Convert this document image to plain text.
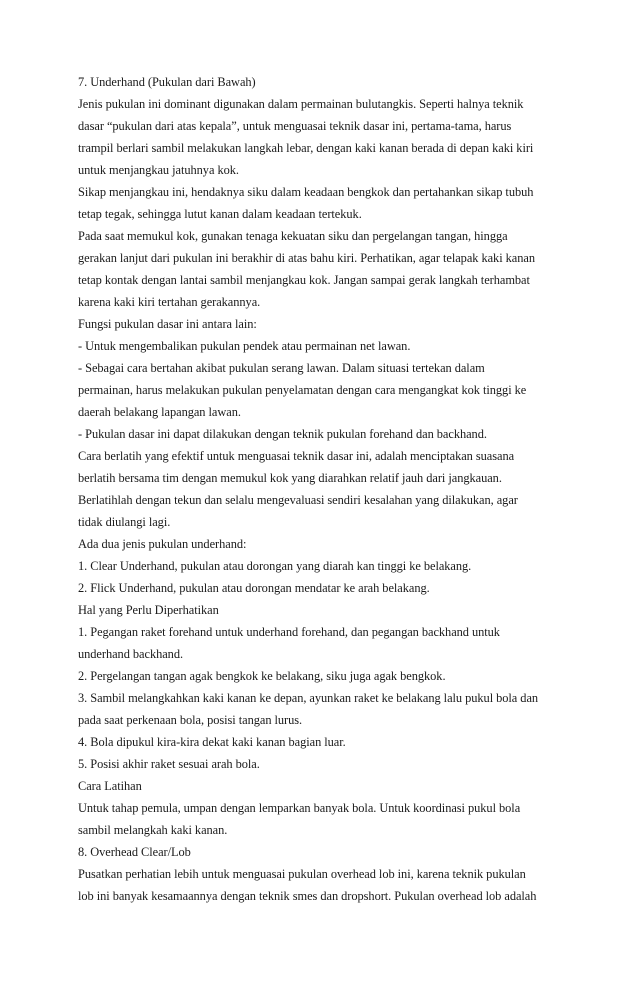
7. Underhand (Pukulan dari Bawah)
Jenis pukulan ini dominant digunakan dalam permainan bulutangkis. Seperti halnya teknik
dasar “pukulan dari atas kepala”, untuk menguasai teknik dasar ini, pertama-tama, harus
trampil berlari sambil melakukan langkah lebar, dengan kaki kanan berada di depan kaki kiri
untuk menjangkau jatuhnya kok.
Sikap menjangkau ini, hendaknya siku dalam keadaan bengkok dan pertahankan sikap tubuh
tetap tegak, sehingga lutut kanan dalam keadaan tertekuk.
Pada saat memukul kok, gunakan tenaga kekuatan siku dan pergelangan tangan, hingga
gerakan lanjut dari pukulan ini berakhir di atas bahu kiri. Perhatikan, agar telapak kaki kanan
tetap kontak dengan lantai sambil menjangkau kok. Jangan sampai gerak langkah terhambat
karena kaki kiri tertahan gerakannya.
Fungsi pukulan dasar ini antara lain:
- Untuk mengembalikan pukulan pendek atau permainan net lawan.
- Sebagai cara bertahan akibat pukulan serang lawan. Dalam situasi tertekan dalam
permainan, harus melakukan pukulan penyelamatan dengan cara mengangkat kok tinggi ke
daerah belakang lapangan lawan.
- Pukulan dasar ini dapat dilakukan dengan teknik pukulan forehand dan backhand.
Cara berlatih yang efektif untuk menguasai teknik dasar ini, adalah menciptakan suasana
berlatih bersama tim dengan memukul kok yang diarahkan relatif jauh dari jangkauan.
Berlatihlah dengan tekun dan selalu mengevaluasi sendiri kesalahan yang dilakukan, agar
tidak diulangi lagi.
Ada dua jenis pukulan underhand:
1. Clear Underhand, pukulan atau dorongan yang diarah kan tinggi ke belakang.
2. Flick Underhand, pukulan atau dorongan mendatar ke arah belakang.
Hal yang Perlu Diperhatikan
1. Pegangan raket forehand untuk underhand forehand, dan pegangan backhand untuk
underhand backhand.
2. Pergelangan tangan agak bengkok ke belakang, siku juga agak bengkok.
3. Sambil melangkahkan kaki kanan ke depan, ayunkan raket ke belakang lalu pukul bola dan
pada saat perkenaan bola, posisi tangan lurus.
4. Bola dipukul kira-kira dekat kaki kanan bagian luar.
5. Posisi akhir raket sesuai arah bola.
Cara Latihan
Untuk tahap pemula, umpan dengan lemparkan banyak bola. Untuk koordinasi pukul bola
sambil melangkah kaki kanan.
8. Overhead Clear/Lob
Pusatkan perhatian lebih untuk menguasai pukulan overhead lob ini, karena teknik pukulan
lob ini banyak kesamaannya dengan teknik smes dan dropshort. Pukulan overhead lob adalah
